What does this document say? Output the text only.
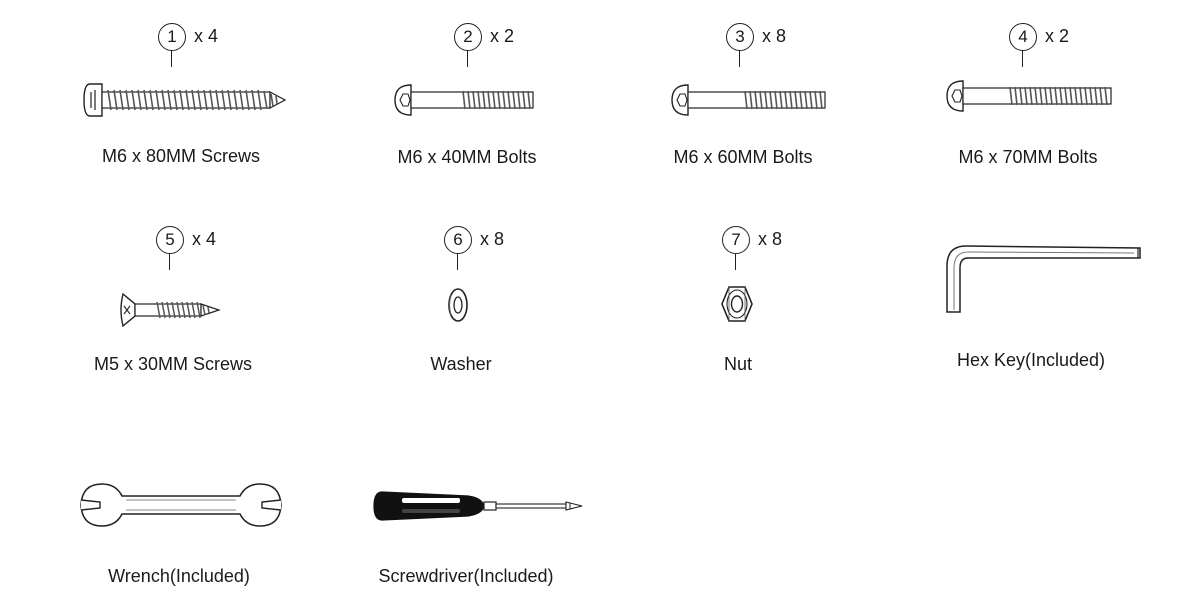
1 x 4
M6 x 80MM Screws
2 x 2
M6 x 40MM Bolts
3 x 8
M6 x 60MM Bolts
4 x 2
M6 x 70MM Bolts
5 x 4
M5 x 30MM Screws
6 x 8
Washer
7 x 8
Nut	Hex Key(Included)
Wrench(Included)	Screwdriver(Included)
